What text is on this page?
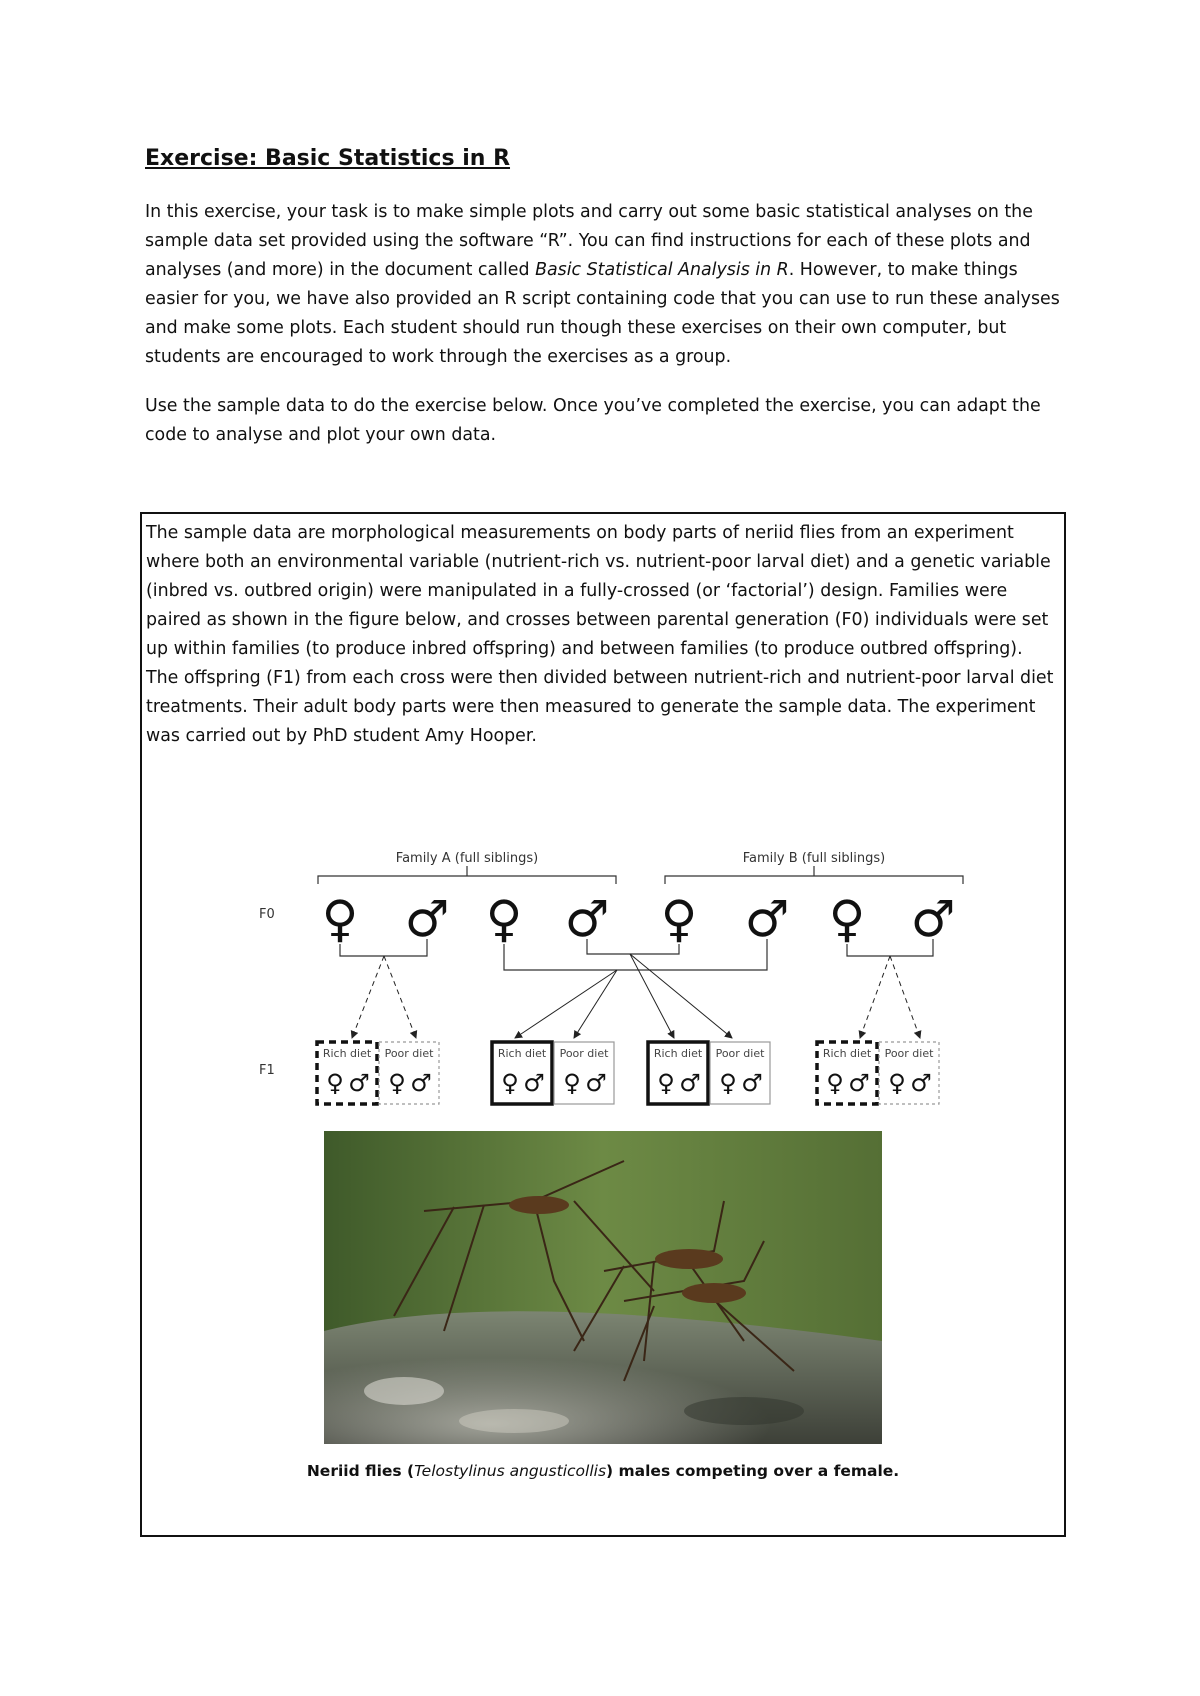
Exercise: Basic Statistics in R

In this exercise, your task is to make simple plots and carry out some basic statistical analyses on the sample data set provided using the software “R”. You can find instructions for each of these plots and analyses (and more) in the document called Basic Statistical Analysis in R. However, to make things easier for you, we have also provided an R script containing code that you can use to run these analyses and make some plots. Each student should run though these exercises on their own computer, but students are encouraged to work through the exercises as a group.

Use the sample data to do the exercise below. Once you’ve completed the exercise, you can adapt the code to analyse and plot your own data.

The sample data are morphological measurements on body parts of neriid flies from an experiment where both an environmental variable (nutrient-rich vs. nutrient-poor larval diet) and a genetic variable (inbred vs. outbred origin) were manipulated in a fully-crossed (or ‘factorial’) design. Families were paired as shown in the figure below, and crosses between parental generation (F0) individuals were set up within families (to produce inbred offspring) and between families (to produce outbred offspring). The offspring (F1) from each cross were then divided between nutrient-rich and nutrient-poor larval diet treatments. Their adult body parts were then measured to generate the sample data. The experiment was carried out by PhD student Amy Hooper.

Family A (full siblings)	Family B (full siblings)
F0
F1
♀ ♂ ♀ ♂ ♀ ♂ ♀ ♂
Rich diet Poor diet	Rich diet Poor diet	Rich diet Poor diet	Rich diet Poor diet
♀ ♂ ♀ ♂	♀ ♂ ♀ ♂ ♀ ♂ ♀ ♂	♀ ♂ ♀ ♂

Neriid flies (Telostylinus angusticollis) males competing over a female.
